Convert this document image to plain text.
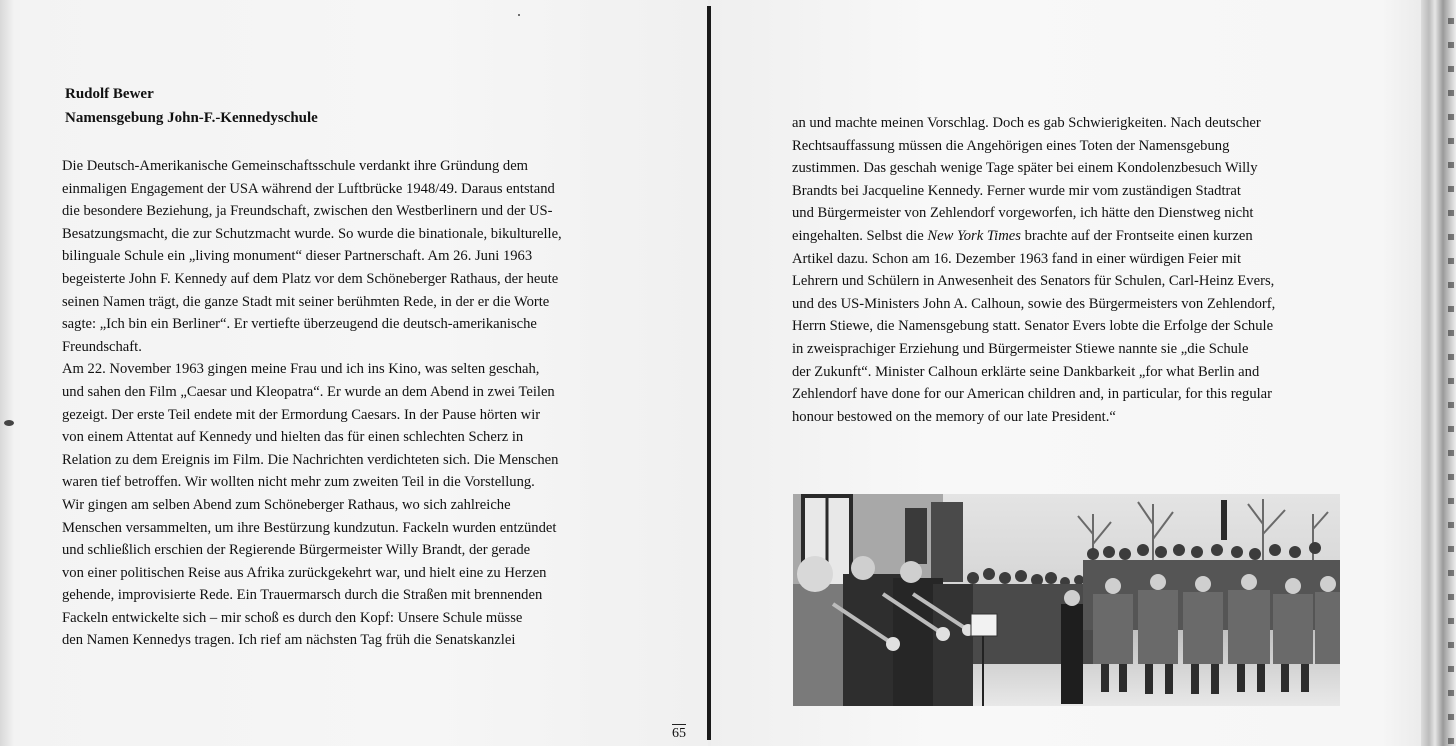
Rudolf Bewer
Namensgebung John-F.-Kennedyschule
Die Deutsch-Amerikanische Gemeinschaftsschule verdankt ihre Gründung dem
einmaligen Engagement der USA während der Luftbrücke 1948/49. Daraus entstand
die besondere Beziehung, ja Freundschaft, zwischen den Westberlinern und der US-
Besatzungsmacht, die zur Schutzmacht wurde. So wurde die binationale, bikulturelle,
bilinguale Schule ein „living monument“ dieser Partnerschaft. Am 26. Juni 1963
begeisterte John F. Kennedy auf dem Platz vor dem Schöneberger Rathaus, der heute
seinen Namen trägt, die ganze Stadt mit seiner berühmten Rede, in der er die Worte
sagte: „Ich bin ein Berliner“. Er vertiefte überzeugend die deutsch-amerikanische
Freundschaft.
Am 22. November 1963 gingen meine Frau und ich ins Kino, was selten geschah,
und sahen den Film „Caesar und Kleopatra“. Er wurde an dem Abend in zwei Teilen
gezeigt. Der erste Teil endete mit der Ermordung Caesars. In der Pause hörten wir
von einem Attentat auf Kennedy und hielten das für einen schlechten Scherz in
Relation zu dem Ereignis im Film. Die Nachrichten verdichteten sich. Die Menschen
waren tief betroffen. Wir wollten nicht mehr zum zweiten Teil in die Vorstellung.
Wir gingen am selben Abend zum Schöneberger Rathaus, wo sich zahlreiche
Menschen versammelten, um ihre Bestürzung kundzutun. Fackeln wurden entzündet
und schließlich erschien der Regierende Bürgermeister Willy Brandt, der gerade
von einer politischen Reise aus Afrika zurückgekehrt war, und hielt eine zu Herzen
gehende, improvisierte Rede. Ein Trauermarsch durch die Straßen mit brennenden
Fackeln entwickelte sich – mir schoß es durch den Kopf: Unsere Schule müsse
den Namen Kennedys tragen. Ich rief am nächsten Tag früh die Senatskanzlei
65
an und machte meinen Vorschlag. Doch es gab Schwierigkeiten. Nach deutscher
Rechtsauffassung müssen die Angehörigen eines Toten der Namensgebung
zustimmen. Das geschah wenige Tage später bei einem Kondolenzbesuch Willy
Brandts bei Jacqueline Kennedy. Ferner wurde mir vom zuständigen Stadtrat
und Bürgermeister von Zehlendorf vorgeworfen, ich hätte den Dienstweg nicht
eingehalten. Selbst die New York Times brachte auf der Frontseite einen kurzen
Artikel dazu. Schon am 16. Dezember 1963 fand in einer würdigen Feier mit
Lehrern und Schülern in Anwesenheit des Senators für Schulen, Carl-Heinz Evers,
und des US-Ministers John A. Calhoun, sowie des Bürgermeisters von Zehlendorf,
Herrn Stiewe, die Namensgebung statt. Senator Evers lobte die Erfolge der Schule
in zweisprachiger Erziehung und Bürgermeister Stiewe nannte sie „die Schule
der Zukunft“. Minister Calhoun erklärte seine Dankbarkeit „for what Berlin and
Zehlendorf have done for our American children and, in particular, for this regular
honour bestowed on the memory of our late President.“
